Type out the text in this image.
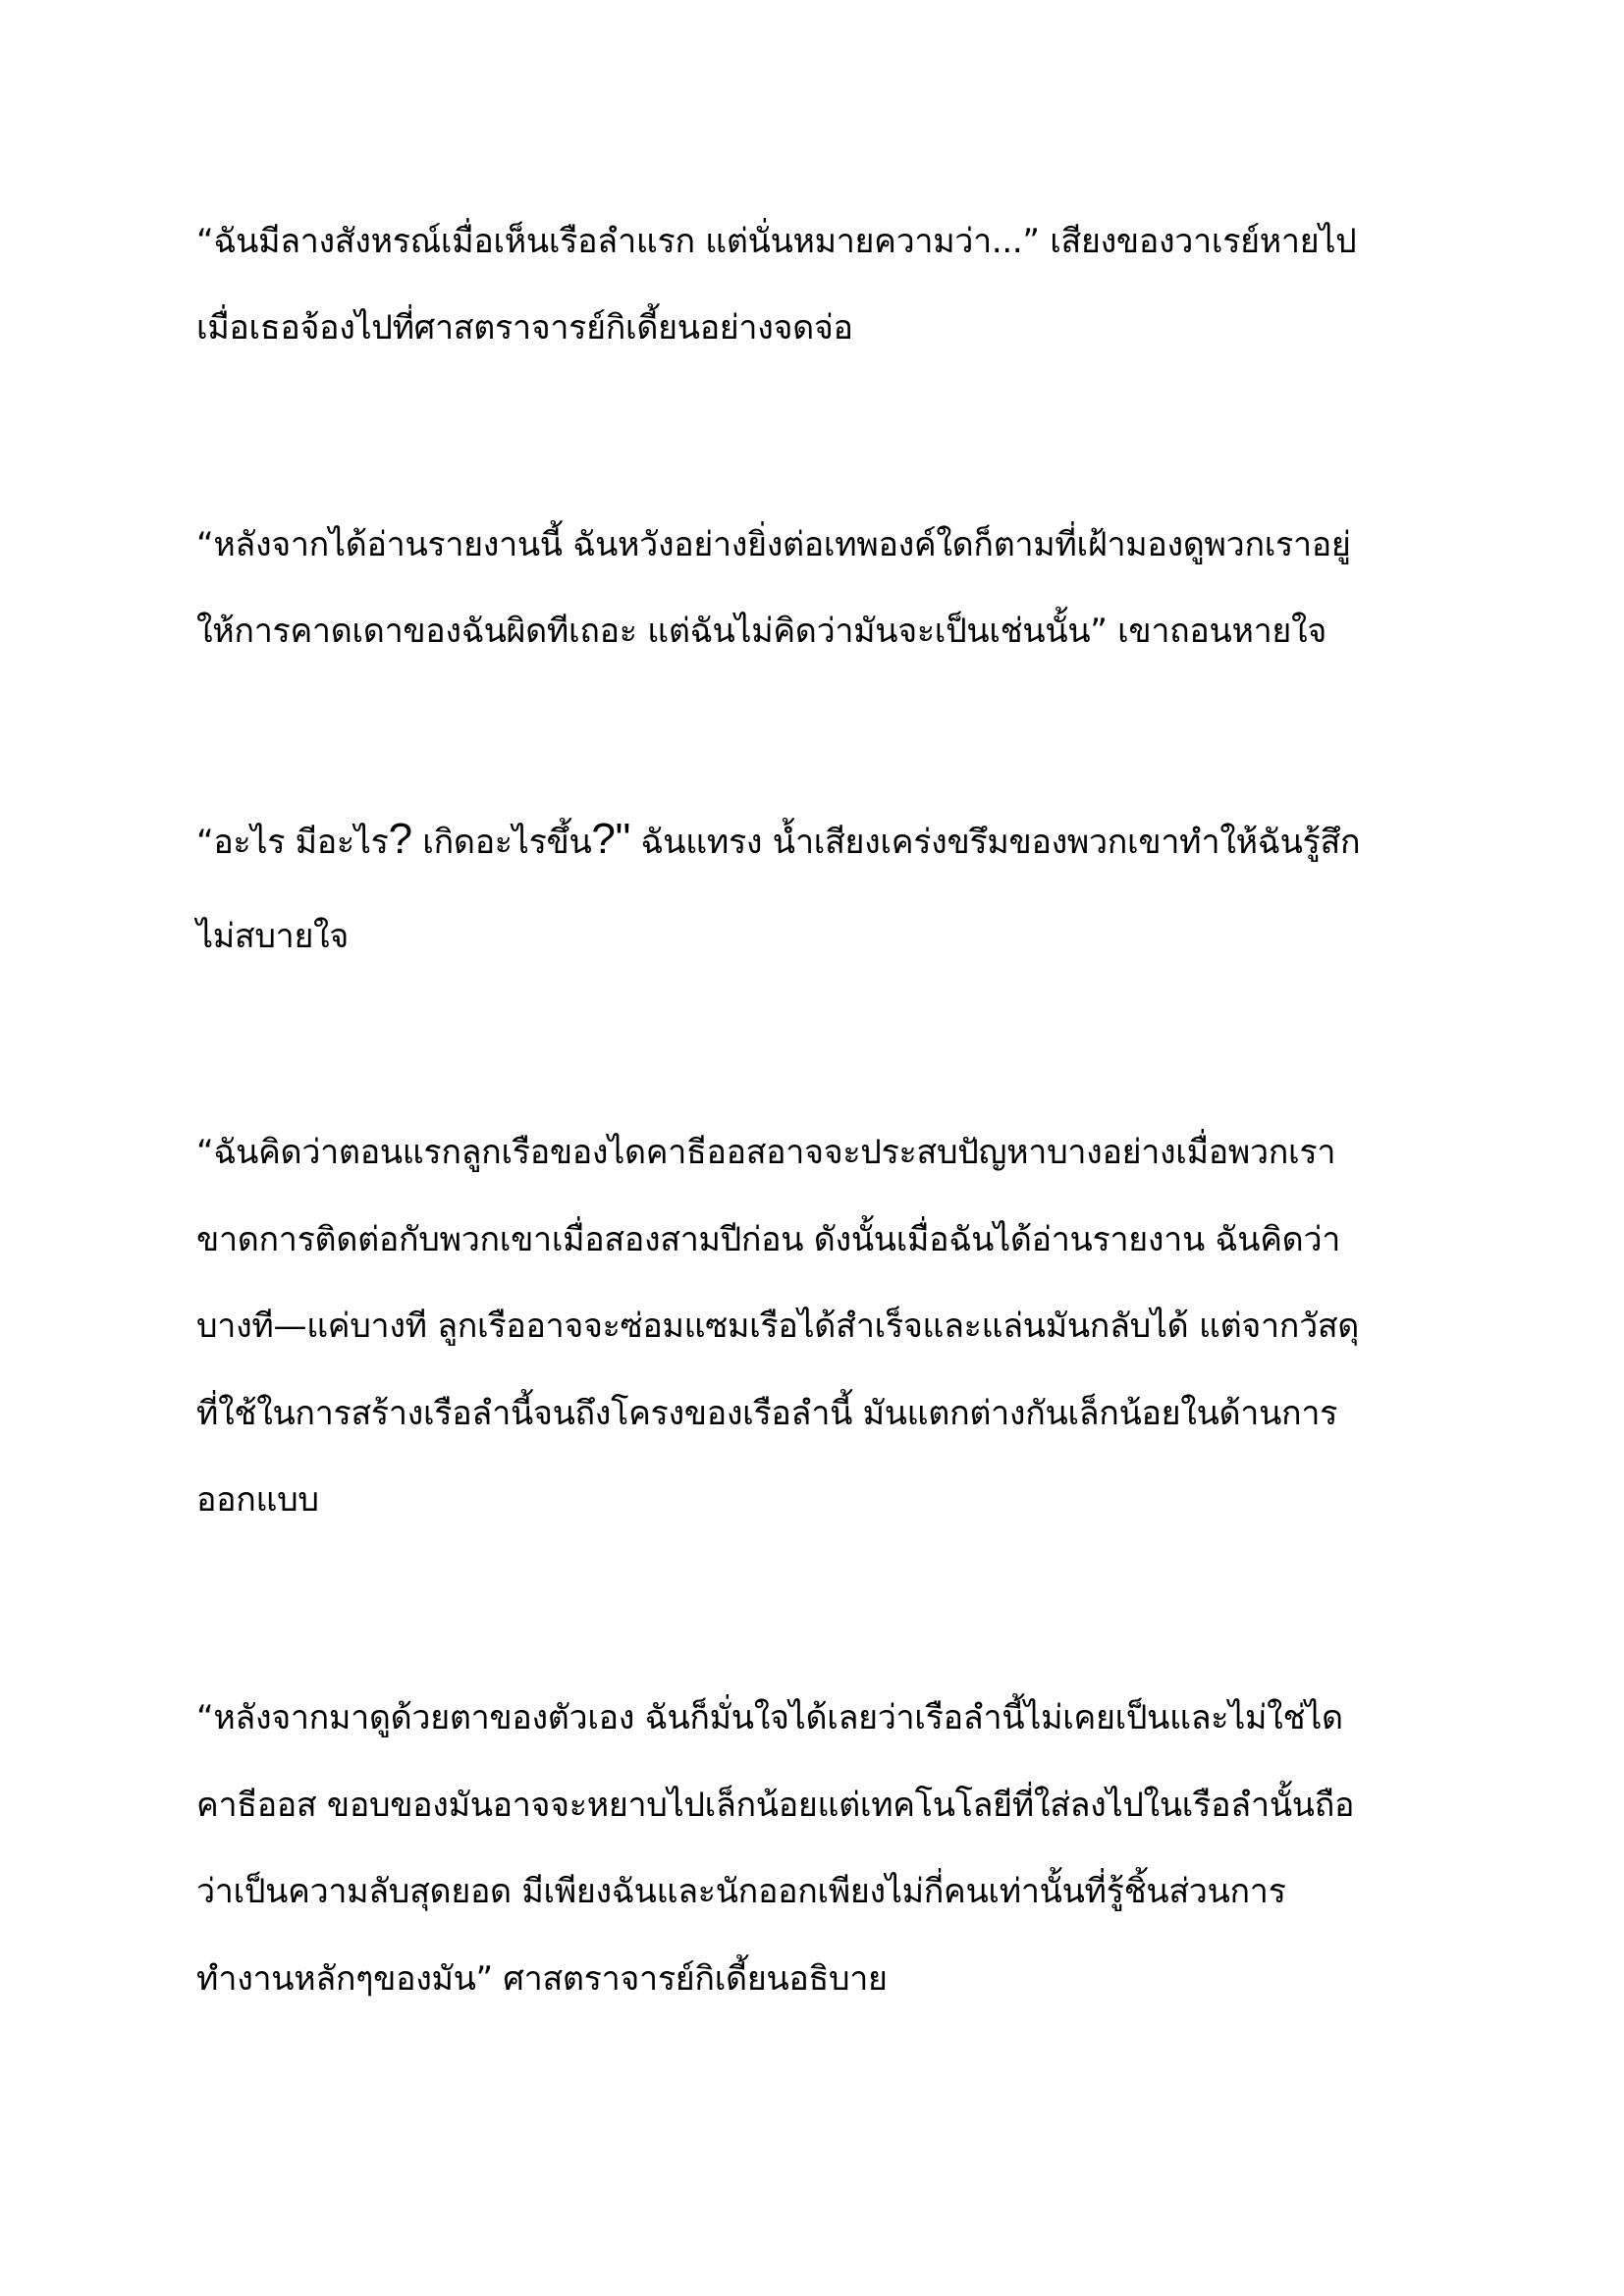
“ฉันมีลางสังหรณ์เมื่อเห็นเรือลำแรก แต่นั่นหมายความว่า...” เสียงของวาเรย์หายไป
เมื่อเธอจ้องไปที่ศาสตราจารย์กิเดี้ยนอย่างจดจ่อ
“หลังจากได้อ่านรายงานนี้ ฉันหวังอย่างยิ่งต่อเทพองค์ใดก็ตามที่เฝ้ามองดูพวกเราอยู่
ให้การคาดเดาของฉันผิดทีเถอะ แต่ฉันไม่คิดว่ามันจะเป็นเช่นนั้น” เขาถอนหายใจ
“อะไร มีอะไร? เกิดอะไรขึ้น?" ฉันแทรง น้ำเสียงเคร่งขรึมของพวกเขาทำให้ฉันรู้สึก
ไม่สบายใจ
“ฉันคิดว่าตอนแรกลูกเรือของไดคาธีออสอาจจะประสบปัญหาบางอย่างเมื่อพวกเรา
ขาดการติดต่อกับพวกเขาเมื่อสองสามปีก่อน ดังนั้นเมื่อฉันได้อ่านรายงาน ฉันคิดว่า
บางที—แค่บางที ลูกเรืออาจจะซ่อมแซมเรือได้สำเร็จและแล่นมันกลับได้ แต่จากวัสดุ
ที่ใช้ในการสร้างเรือลำนี้จนถึงโครงของเรือลำนี้ มันแตกต่างกันเล็กน้อยในด้านการ
ออกแบบ
“หลังจากมาดูด้วยตาของตัวเอง ฉันก็มั่นใจได้เลยว่าเรือลำนี้ไม่เคยเป็นและไม่ใช่ได
คาธีออส ขอบของมันอาจจะหยาบไปเล็กน้อยแต่เทคโนโลยีที่ใส่ลงไปในเรือลำนั้นถือ
ว่าเป็นความลับสุดยอด มีเพียงฉันและนักออกเพียงไม่กี่คนเท่านั้นที่รู้ชิ้นส่วนการ
ทำงานหลักๆของมัน” ศาสตราจารย์กิเดี้ยนอธิบาย
